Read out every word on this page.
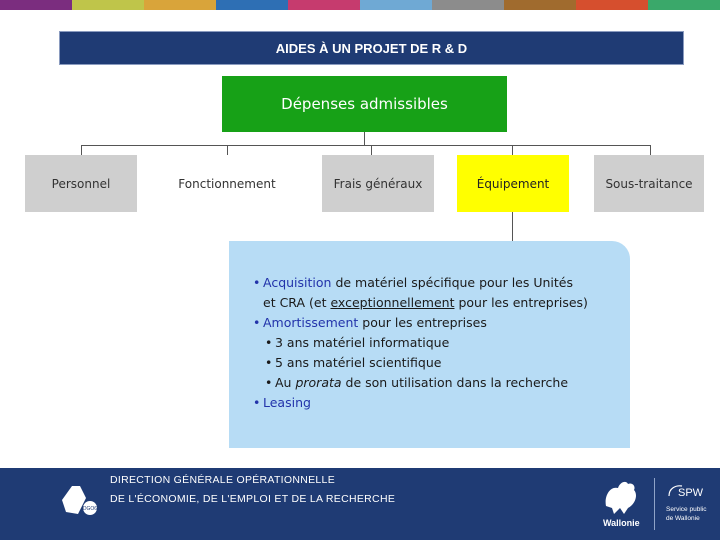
AIDES À UN PROJET DE R & D
Dépenses admissibles
Personnel	Fonctionnement	Frais généraux	Équipement	Sous-traitance
• Acquisition de matériel spécifique pour les Unités
et CRA (et exceptionnellement pour les entreprises)
• Amortissement pour les entreprises
• 3 ans matériel informatique
• 5 ans matériel scientifique
• Au prorata de son utilisation dans la recherche
• Leasing
DGO6
DIRECTION GÉNÉRALE OPÉRATIONNELLE
DE L'ÉCONOMIE, DE L'EMPLOI ET DE LA RECHERCHE
Wallonie
SPW
Service public
de Wallonie
